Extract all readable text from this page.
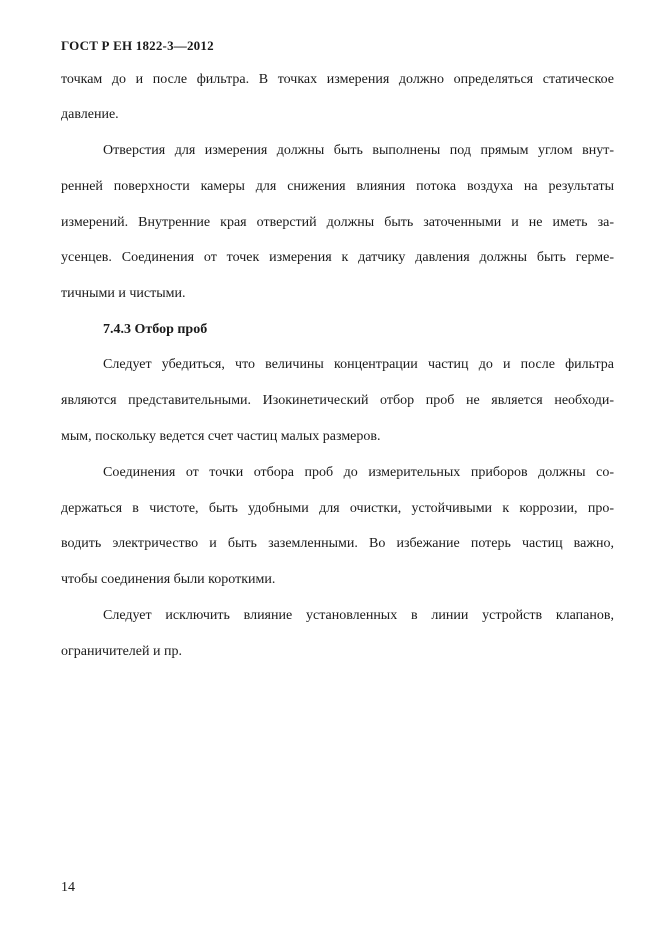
ГОСТ Р ЕН 1822-3—2012
точкам до и после фильтра. В точках измерения должно определяться статическое
давление.
Отверстия для измерения должны быть выполнены под прямым углом внут-
ренней поверхности камеры для снижения влияния потока воздуха на результаты
измерений. Внутренние края отверстий должны быть заточенными и не иметь за-
усенцев. Соединения от точек измерения к датчику давления должны быть герме-
тичными и чистыми.
7.4.3 Отбор проб
Следует убедиться, что величины концентрации частиц до и после фильтра
являются представительными. Изокинетический отбор проб не является необходи-
мым, поскольку ведется счет частиц малых размеров.
Соединения от точки отбора проб до измерительных приборов должны со-
держаться в чистоте, быть удобными для очистки, устойчивыми к коррозии, про-
водить электричество и быть заземленными. Во избежание потерь частиц важно,
чтобы соединения были короткими.
Следует исключить влияние установленных в линии устройств клапанов,
ограничителей и пр.
14
